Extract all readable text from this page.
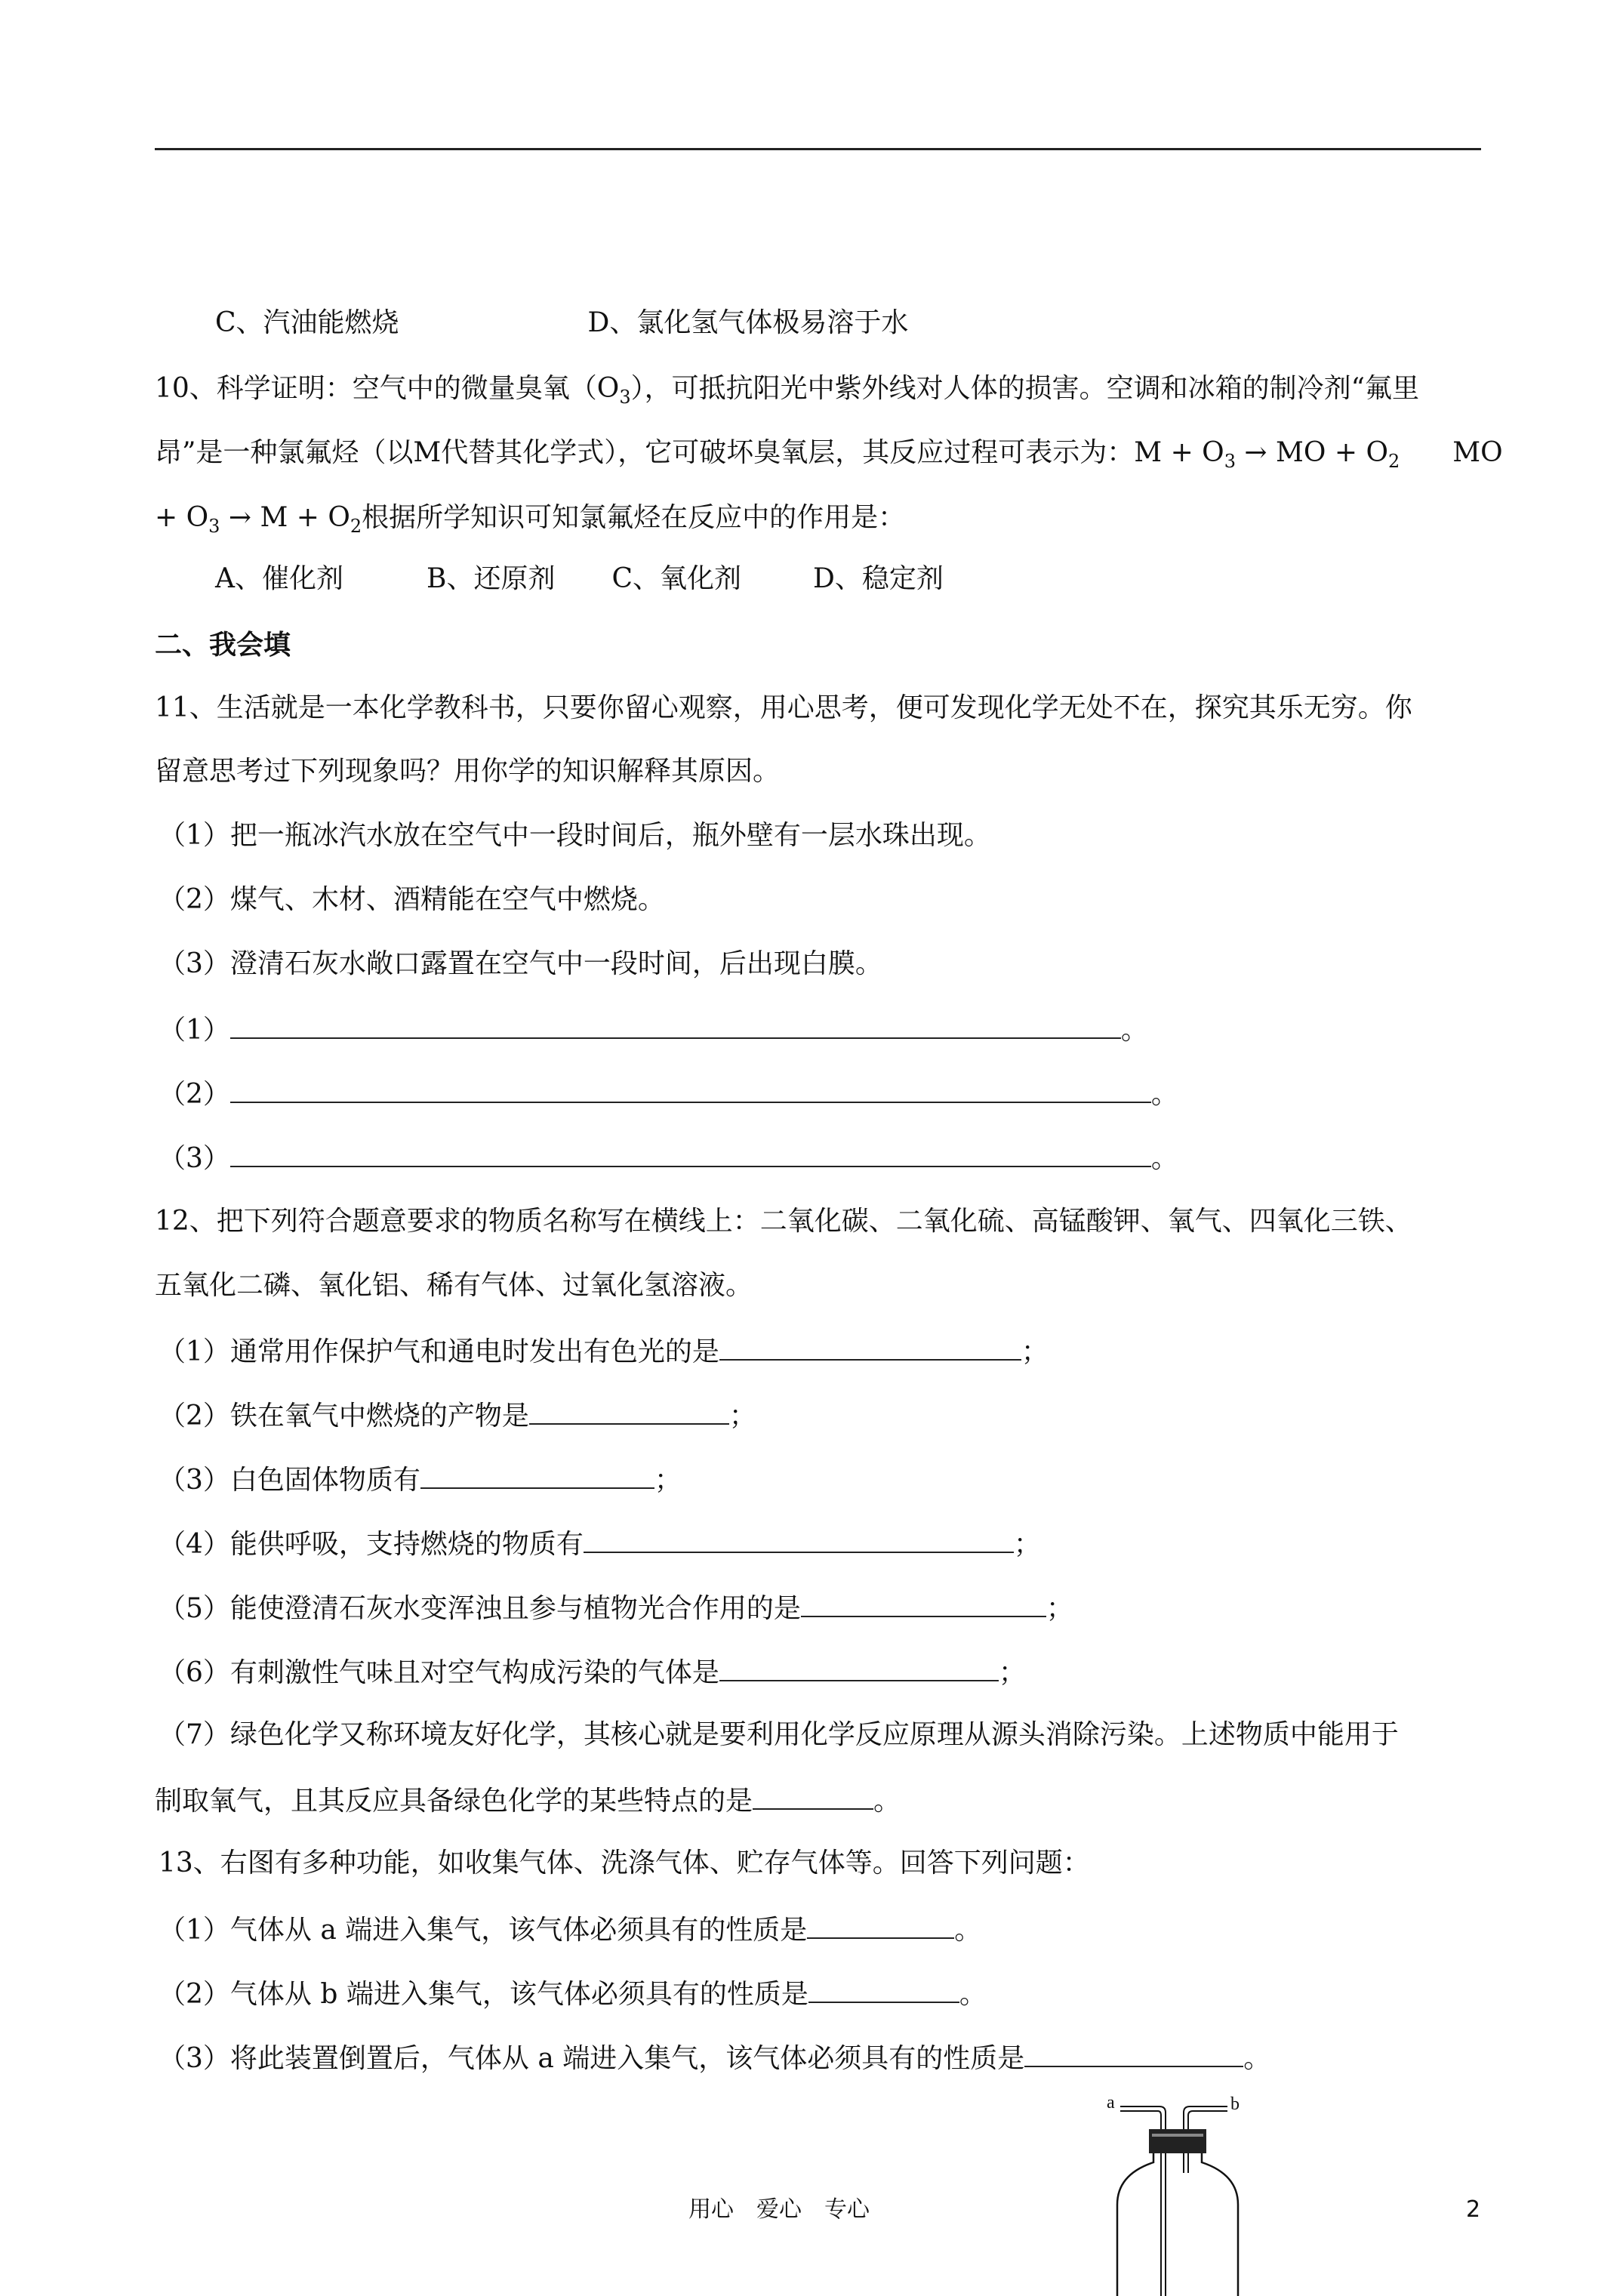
C、汽油能燃烧	D、氯化氢气体极易溶于水
10、科学证明：空气中的微量臭氧$(O_3)$，可抵抗阳光中紫外线对人体的损害。空调和冰箱的制冷剂“氟里
昂”是一种氯氟烃（以M代替其化学式），它可破坏臭氧层，其反应过程可表示为：$M + O_3$ → MO + $O_2$ MO
+ $O_3 \to M + O_2$根据所学知识可知氯氟烃在反应中的作用是：
A、催化剂	B、还原剂 C、氧化剂	D、稳定剂
二、我会填
11、生活就是一本化学教科书，只要你留心观察，用心思考，便可发现化学无处不在，探究其乐无穷。你
留意思考过下列现象吗？用你学的知识解释其原因。
（1）把一瓶冰汽水放在空气中一段时间后，瓶外壁有一层水珠出现。
（2）煤气、木材、酒精能在空气中燃烧。
（3）澄清石灰水敞口露置在空气中一段时间，后出现白膜。
（1）	。
（2）	。
（3）	。
12、把下列符合题意要求的物质名称写在横线上：二氧化碳、二氧化硫、高锰酸钾、氧气、四氧化三铁、
五氧化二磷、氧化铝、稀有气体、过氧化氢溶液。
（1）通常用作保护气和通电时发出有色光的是	；
（2）铁在氧气中燃烧的产物是	；
（3）白色固体物质有	；
（4）能供呼吸，支持燃烧的物质有	；
（5）能使澄清石灰水变浑浊且参与植物光合作用的是	；
（6）有刺激性气味且对空气构成污染的气体是	；
（7）绿色化学又称环境友好化学，其核心就是要利用化学反应原理从源头消除污染。上述物质中能用于
制取氧气，且其反应具备绿色化学的某些特点的是	。
13、右图有多种功能，如收集气体、洗涤气体、贮存气体等。回答下列问题：
（1）气体从 a 端进入集气，该气体必须具有的性质是	。
（2）气体从 b 端进入集气，该气体必须具有的性质是	。
（3）将此装置倒置后，气体从 a 端进入集气，该气体必须具有的性质是	。
a	b
用心　爱心　专心	2
